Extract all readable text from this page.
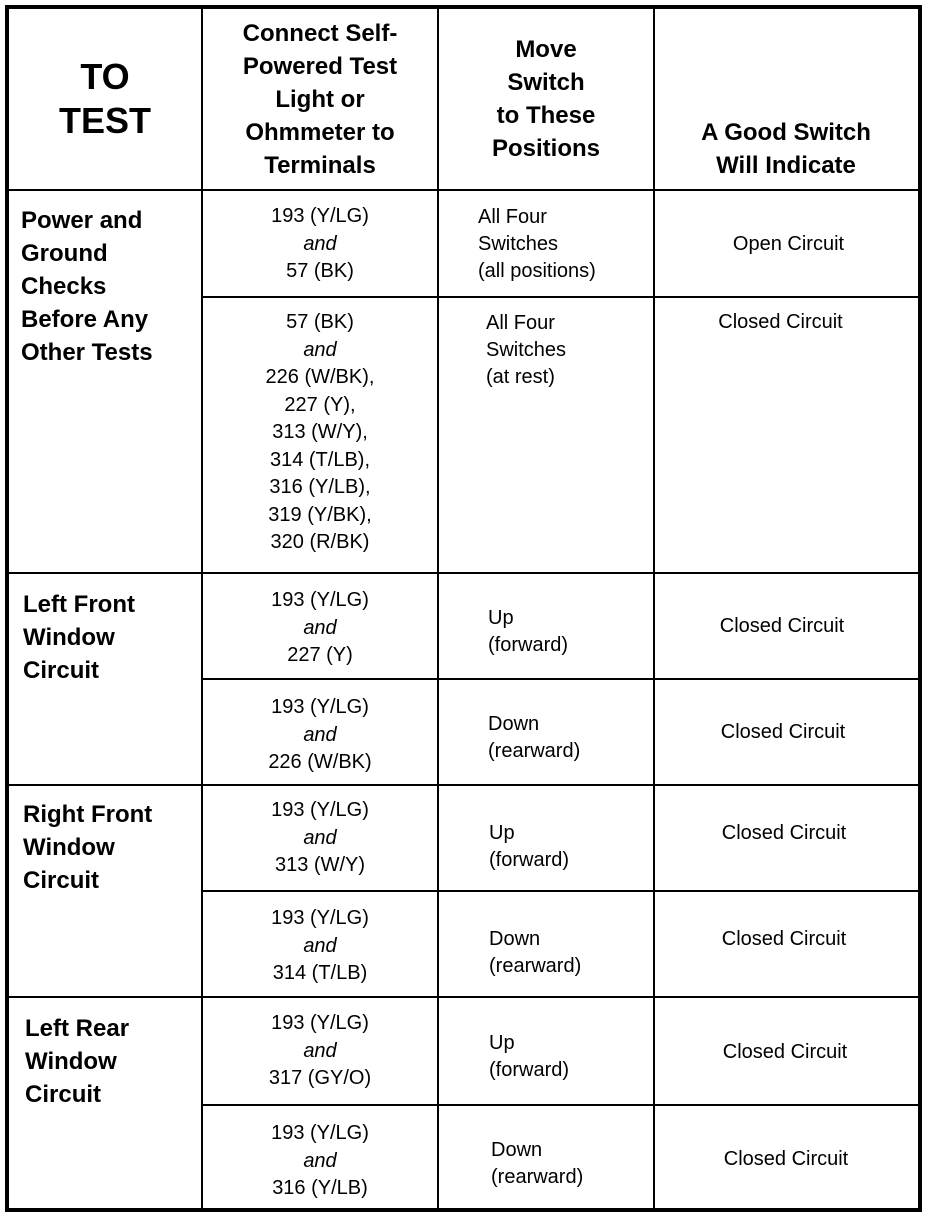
TO
TEST
Connect Self-
Powered Test
Light or
Ohmmeter to
Terminals
Move
Switch
to These
Positions
A Good Switch
Will Indicate
Power and
Ground
Checks
Before Any
Other Tests
193 (Y/LG)
and
57 (BK)
All Four
Switches
(all positions)
Open Circuit
57 (BK)
and
226 (W/BK),
227 (Y),
313 (W/Y),
314 (T/LB),
316 (Y/LB),
319 (Y/BK),
320 (R/BK)
All Four
Switches
(at rest)
Closed Circuit
Left Front
Window
Circuit
193 (Y/LG)
and
227 (Y)
Up
(forward)
Closed Circuit
193 (Y/LG)
and
226 (W/BK)
Down
(rearward)
Closed Circuit
Right Front
Window
Circuit
193 (Y/LG)
and
313 (W/Y)
Up
(forward)
Closed Circuit
193 (Y/LG)
and
314 (T/LB)
Down
(rearward)
Closed Circuit
Left Rear
Window
Circuit
193 (Y/LG)
and
317 (GY/O)
Up
(forward)
Closed Circuit
193 (Y/LG)
and
316 (Y/LB)
Down
(rearward)
Closed Circuit
